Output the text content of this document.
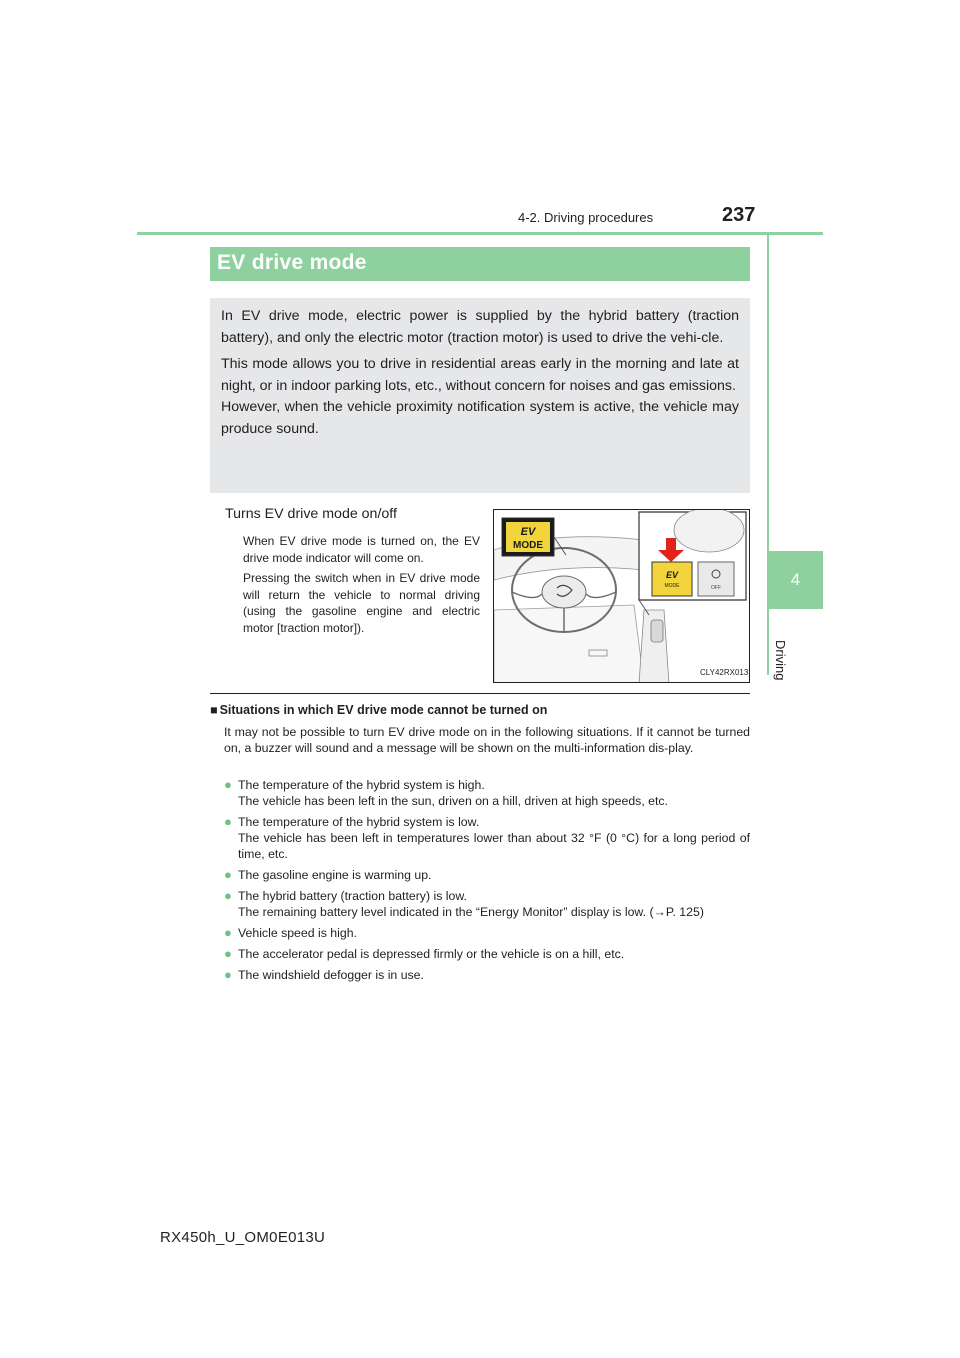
4-2. Driving procedures	237
4
Driving
EV drive mode

In EV drive mode, electric power is supplied by the hybrid battery (traction battery), and only the electric motor (traction motor) is used to drive the vehi-cle.

This mode allows you to drive in residential areas early in the morning and late at night, or in indoor parking lots, etc., without concern for noises and gas emissions.

However, when the vehicle proximity notification system is active, the vehicle may produce sound.

Turns EV drive mode on/off

When EV drive mode is turned on, the EV drive mode indicator will come on.

Pressing the switch when in EV drive mode will return the vehicle to normal driving (using the gasoline engine and electric motor [traction motor]).

EV
MODE
EV
MODE	OFF
CLY42RX013
■ Situations in which EV drive mode cannot be turned on

It may not be possible to turn EV drive mode on in the following situations. If it cannot be turned on, a buzzer will sound and a message will be shown on the multi-information dis-play.

● The temperature of the hybrid system is high.
The vehicle has been left in the sun, driven on a hill, driven at high speeds, etc.
● The temperature of the hybrid system is low.
The vehicle has been left in temperatures lower than about 32 °F (0 °C) for a long period of time, etc.
● The gasoline engine is warming up.
● The hybrid battery (traction battery) is low.
The remaining battery level indicated in the “Energy Monitor” display is low. (→P. 125)
● Vehicle speed is high.
● The accelerator pedal is depressed firmly or the vehicle is on a hill, etc.
● The windshield defogger is in use.
RX450h_U_OM0E013U
